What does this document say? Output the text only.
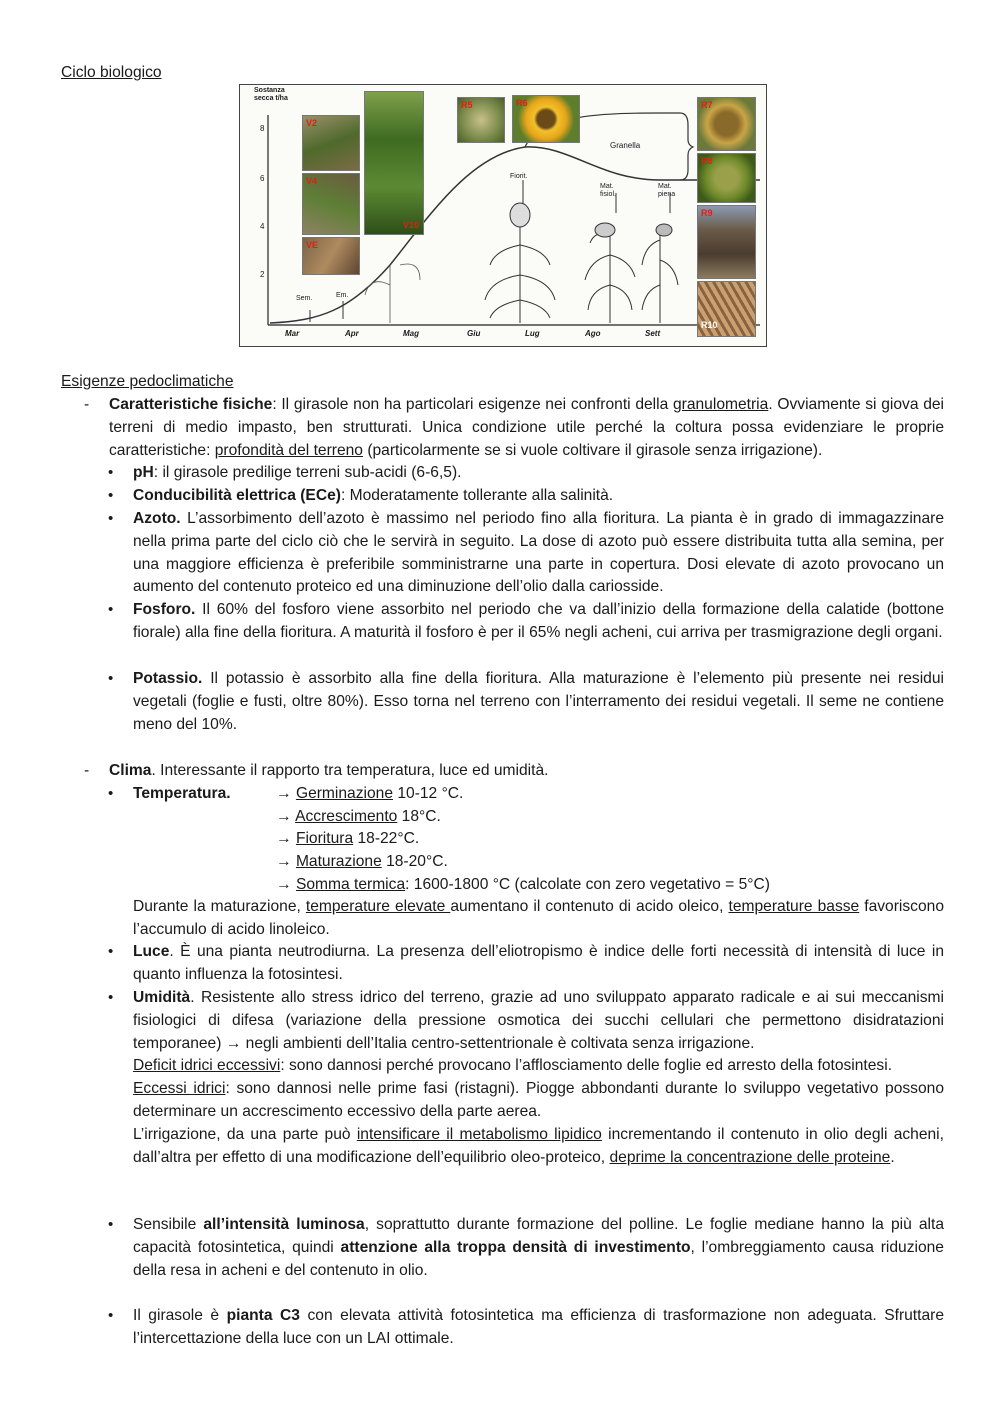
Ciclo biologico
Sostanza secca t/ha
8
6
4
2
Mar	Apr	Mag	Giu	Lug	Ago	Sett
Sem.	Em.
Fiorit.
Mat. fisiol.
Mat. piena
Granella
V2
V4
VE
V10
R5	R6	R7
R8
R9
R10
Esigenze pedoclimatiche
- Caratteristiche fisiche: Il girasole non ha particolari esigenze nei confronti della granulometria. Ovviamente si giova dei terreni di medio impasto, ben strutturati. Unica condizione utile perché la coltura possa evidenziare le proprie caratteristiche: profondità del terreno (particolarmente se si vuole coltivare il girasole senza irrigazione).
• pH: il girasole predilige terreni sub-acidi (6-6,5).
• Conducibilità elettrica (ECe): Moderatamente tollerante alla salinità.
• Azoto. L’assorbimento dell’azoto è massimo nel periodo fino alla fioritura. La pianta è in grado di immagazzinare nella prima parte del ciclo ciò che le servirà in seguito. La dose di azoto può essere distribuita tutta alla semina, per una maggiore efficienza è preferibile somministrarne una parte in copertura. Dosi elevate di azoto provocano un aumento del contenuto proteico ed una diminuzione dell’olio dalla cariosside.
• Fosforo. Il 60% del fosforo viene assorbito nel periodo che va dall’inizio della formazione della calatide (bottone fiorale) alla fine della fioritura. A maturità il fosforo è per il 65% negli acheni, cui arriva per trasmigrazione degli organi.
• Potassio. Il potassio è assorbito alla fine della fioritura. Alla maturazione è l’elemento più presente nei residui vegetali (foglie e fusti, oltre 80%). Esso torna nel terreno con l’interramento dei residui vegetali. Il seme ne contiene meno del 10%.
- Clima. Interessante il rapporto tra temperatura, luce ed umidità.
• Temperatura.	→ Germinazione 10-12 °C.
→ Accrescimento 18°C.
→ Fioritura 18-22°C.
→ Maturazione 18-20°C.
→ Somma termica: 1600-1800 °C (calcolate con zero vegetativo = 5°C)
Durante la maturazione, temperature elevate aumentano il contenuto di acido oleico, temperature basse favoriscono l’accumulo di acido linoleico.
• Luce. È una pianta neutrodiurna. La presenza dell’eliotropismo è indice delle forti necessità di intensità di luce in quanto influenza la fotosintesi.
• Umidità. Resistente allo stress idrico del terreno, grazie ad uno sviluppato apparato radicale e ai sui meccanismi fisiologici di difesa (variazione della pressione osmotica dei succhi cellulari che permettono disidratazioni temporanee) → negli ambienti dell’Italia centro-settentrionale è coltivata senza irrigazione.
Deficit idrici eccessivi: sono dannosi perché provocano l’afflosciamento delle foglie ed arresto della fotosintesi.
Eccessi idrici: sono dannosi nelle prime fasi (ristagni). Piogge abbondanti durante lo sviluppo vegetativo possono determinare un accrescimento eccessivo della parte aerea.
L’irrigazione, da una parte può intensificare il metabolismo lipidico incrementando il contenuto in olio degli acheni, dall’altra per effetto di una modificazione dell’equilibrio oleo-proteico, deprime la concentrazione delle proteine.
• Sensibile all’intensità luminosa, soprattutto durante formazione del polline. Le foglie mediane hanno la più alta capacità fotosintetica, quindi attenzione alla troppa densità di investimento, l’ombreggiamento causa riduzione della resa in acheni e del contenuto in olio.
• Il girasole è pianta C3 con elevata attività fotosintetica ma efficienza di trasformazione non adeguata. Sfruttare l’intercettazione della luce con un LAI ottimale.
